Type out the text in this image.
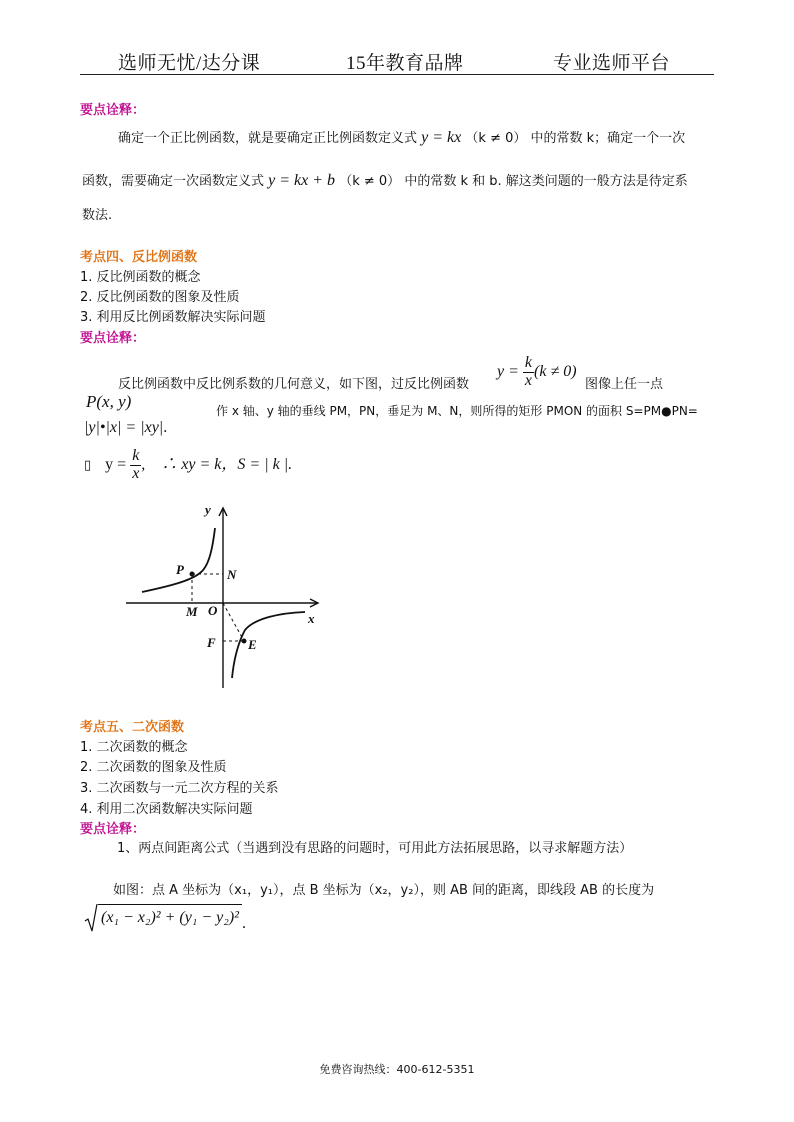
选师无忧/达分课	15年教育品牌	专业选师平台
要点诠释：
确定一个正比例函数，就是要确定正比例函数定义式 y = kx （k ≠ 0） 中的常数 k；确定一个一次
函数，需要确定一次函数定义式 y = kx + b （k ≠ 0） 中的常数 k 和 b. 解这类问题的一般方法是待定系
数法.
考点四、反比例函数
1. 反比例函数的概念
2. 反比例函数的图象及性质
3. 利用反比例函数解决实际问题
要点诠释：
反比例函数中反比例系数的几何意义，如下图，过反比例函数
$y = \frac{k}{x} (k \ne 0)$
图像上任一点
P(x, y)	作 x 轴、y 轴的垂线 PM，PN，垂足为 M、N，则所得的矩形 PMON 的面积 S=PM●PN=
|y|•|x| = |xy|.
▯ $y = \frac{k}{x}$ ,　∴ xy = k，S = | k |.
y
x
P	N
M O
F E
考点五、二次函数
1. 二次函数的概念
2. 二次函数的图象及性质
3. 二次函数与一元二次方程的关系
4. 利用二次函数解决实际问题
要点诠释：
1、两点间距离公式（当遇到没有思路的问题时，可用此方法拓展思路，以寻求解题方法）
如图：点 A 坐标为（x₁，y₁），点 B 坐标为（x₂，y₂），则 AB 间的距离，即线段 AB 的长度为
(x₁ − x₂)² + (y₁ − y₂)² .
免费咨询热线：400-612-5351
